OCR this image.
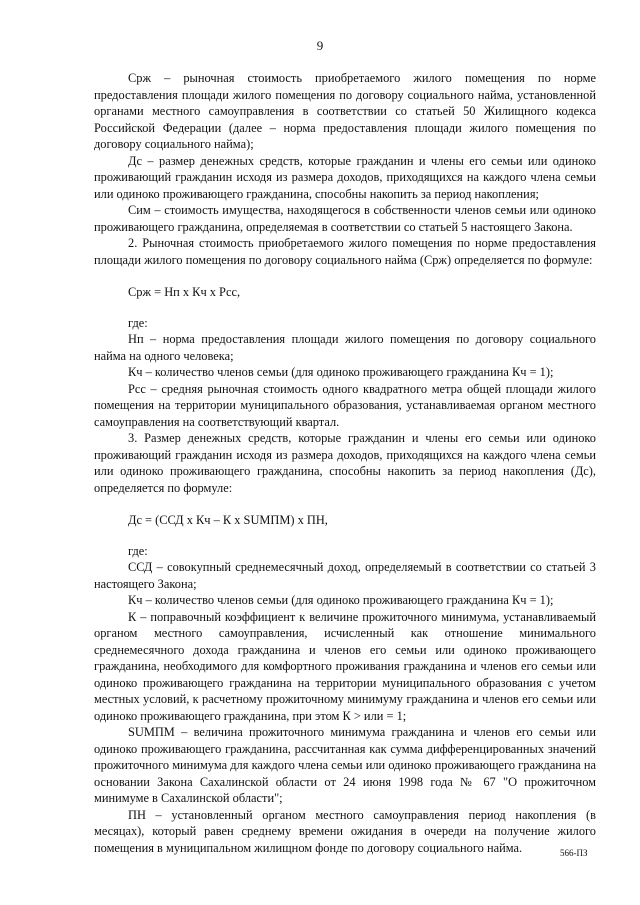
9

Срж – рыночная стоимость приобретаемого жилого помещения по норме предоставления площади жилого помещения по договору социального найма, установленной органами местного самоуправления в соответствии со статьей 50 Жилищного кодекса Российской Федерации (далее – норма предоставления площади жилого помещения по договору социального найма);

Дс – размер денежных средств, которые гражданин и члены его семьи или одиноко проживающий гражданин исходя из размера доходов, приходящихся на каждого члена семьи или одиноко проживающего гражданина, способны накопить за период накопления;

Сим – стоимость имущества, находящегося в собственности членов семьи или одиноко проживающего гражданина, определяемая в соответствии со статьей 5 настоящего Закона.

2. Рыночная стоимость приобретаемого жилого помещения по норме предоставления площади жилого помещения по договору социального найма (Срж) определяется по формуле:

Срж = Нп х Кч х Рсс,

где:

Нп – норма предоставления площади жилого помещения по договору социального найма на одного человека;

Кч – количество членов семьи (для одиноко проживающего гражданина Кч = 1);

Рсс – средняя рыночная стоимость одного квадратного метра общей площади жилого помещения на территории муниципального образования, устанавливаемая органом местного самоуправления на соответствующий квартал.

3. Размер денежных средств, которые гражданин и члены его семьи или одиноко проживающий гражданин исходя из размера доходов, приходящихся на каждого члена семьи или одиноко проживающего гражданина, способны накопить за период накопления (Дс), определяется по формуле:

Дс = (ССД х Кч – К х SUMПМ) х ПН,

где:

ССД – совокупный среднемесячный доход, определяемый в соответствии со статьей 3 настоящего Закона;

Кч – количество членов семьи (для одиноко проживающего гражданина Кч = 1);

К – поправочный коэффициент к величине прожиточного минимума, устанавливаемый органом местного самоуправления, исчисленный как отношение минимального среднемесячного дохода гражданина и членов его семьи или одиноко проживающего гражданина, необходимого для комфортного проживания гражданина и членов его семьи или одиноко проживающего гражданина на территории муниципального образования с учетом местных условий, к расчетному прожиточному минимуму гражданина и членов его семьи или одиноко проживающего гражданина, при этом К > или = 1;

SUMПМ – величина прожиточного минимума гражданина и членов его семьи или одиноко проживающего гражданина, рассчитанная как сумма дифференцированных значений прожиточного минимума для каждого члена семьи или одиноко проживающего гражданина на основании Закона Сахалинской области от 24 июня 1998 года № 67 "О прожиточном минимуме в Сахалинской области";

ПН – установленный органом местного самоуправления период накопления (в месяцах), который равен среднему времени ожидания в очереди на получение жилого помещения в муниципальном жилищном фонде по договору социального найма.	566-ПЗ
